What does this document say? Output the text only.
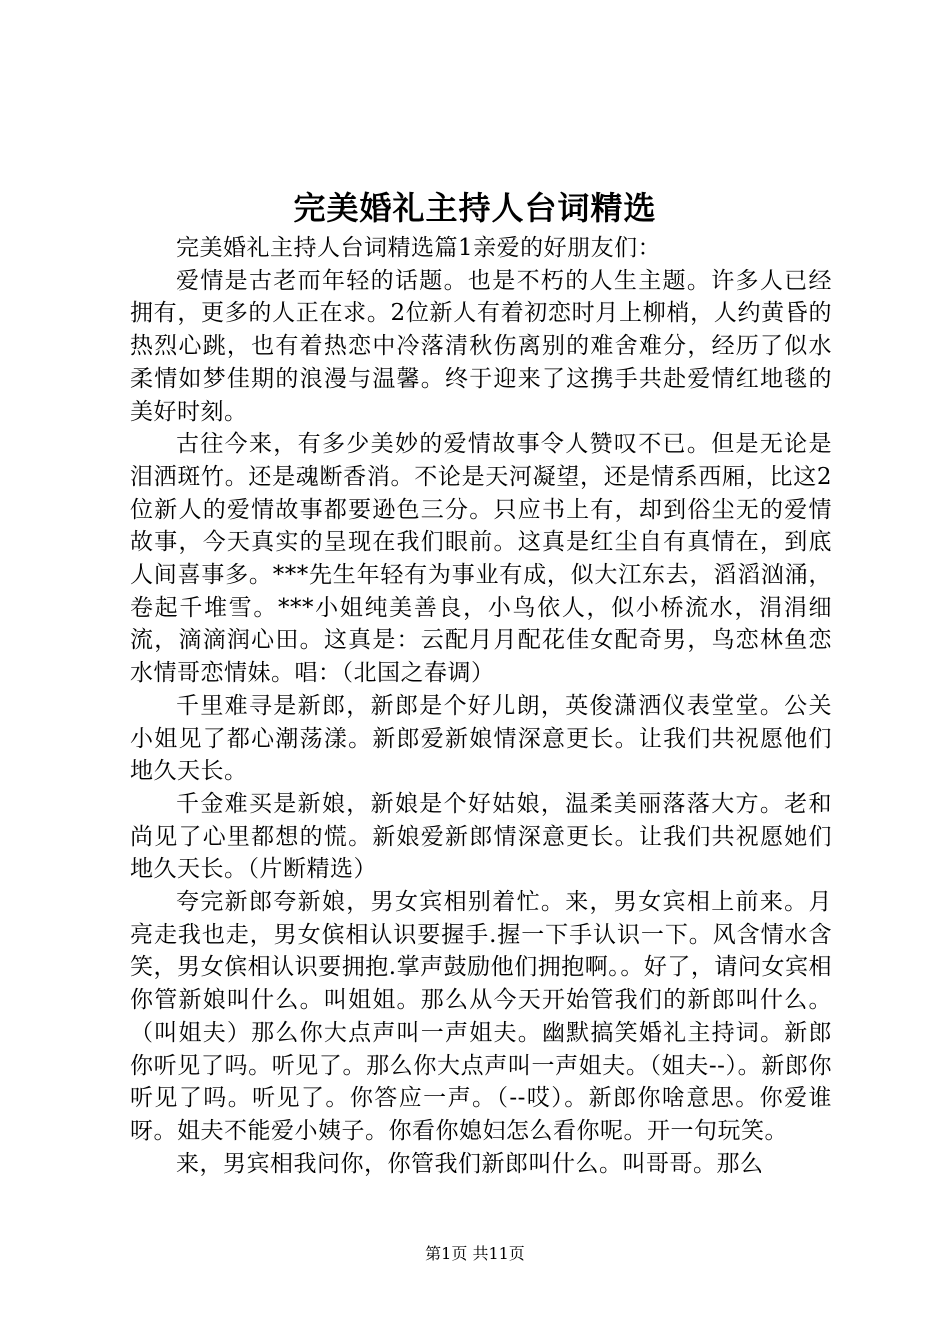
完美婚礼主持人台词精选

完美婚礼主持人台词精选篇1亲爱的好朋友们：

爱情是古老而年轻的话题。也是不朽的人生主题。许多人已经拥有，更多的人正在求。2位新人有着初恋时月上柳梢，人约黄昏的热烈心跳，也有着热恋中冷落清秋伤离别的难舍难分，经历了似水柔情如梦佳期的浪漫与温馨。终于迎来了这携手共赴爱情红地毯的美好时刻。

古往今来，有多少美妙的爱情故事令人赞叹不已。但是无论是泪洒斑竹。还是魂断香消。不论是天河凝望，还是情系西厢，比这2位新人的爱情故事都要逊色三分。只应书上有，却到俗尘无的爱情故事，今天真实的呈现在我们眼前。这真是红尘自有真情在，到底人间喜事多。***先生年轻有为事业有成，似大江东去，滔滔汹涌，卷起千堆雪。***小姐纯美善良，小鸟依人，似小桥流水，涓涓细流，滴滴润心田。这真是：云配月月配花佳女配奇男，鸟恋林鱼恋水情哥恋情妹。唱：（北国之春调）

千里难寻是新郎，新郎是个好儿朗，英俊潇洒仪表堂堂。公关小姐见了都心潮荡漾。新郎爱新娘情深意更长。让我们共祝愿他们地久天长。

千金难买是新娘，新娘是个好姑娘，温柔美丽落落大方。老和尚见了心里都想的慌。新娘爱新郎情深意更长。让我们共祝愿她们地久天长。（片断精选）

夸完新郎夸新娘，男女宾相别着忙。来，男女宾相上前来。月亮走我也走，男女傧相认识要握手.握一下手认识一下。风含情水含笑，男女傧相认识要拥抱.掌声鼓励他们拥抱啊。。好了，请问女宾相你管新娘叫什么。叫姐姐。那么从今天开始管我们的新郎叫什么。（叫姐夫）那么你大点声叫一声姐夫。幽默搞笑婚礼主持词。新郎你听见了吗。听见了。那么你大点声叫一声姐夫。（姐夫--）。新郎你听见了吗。听见了。你答应一声。（--哎）。新郎你啥意思。你爱谁呀。姐夫不能爱小姨子。你看你媳妇怎么看你呢。开一句玩笑。

来，男宾相我问你，你管我们新郎叫什么。叫哥哥。那么

第1页 共11页
